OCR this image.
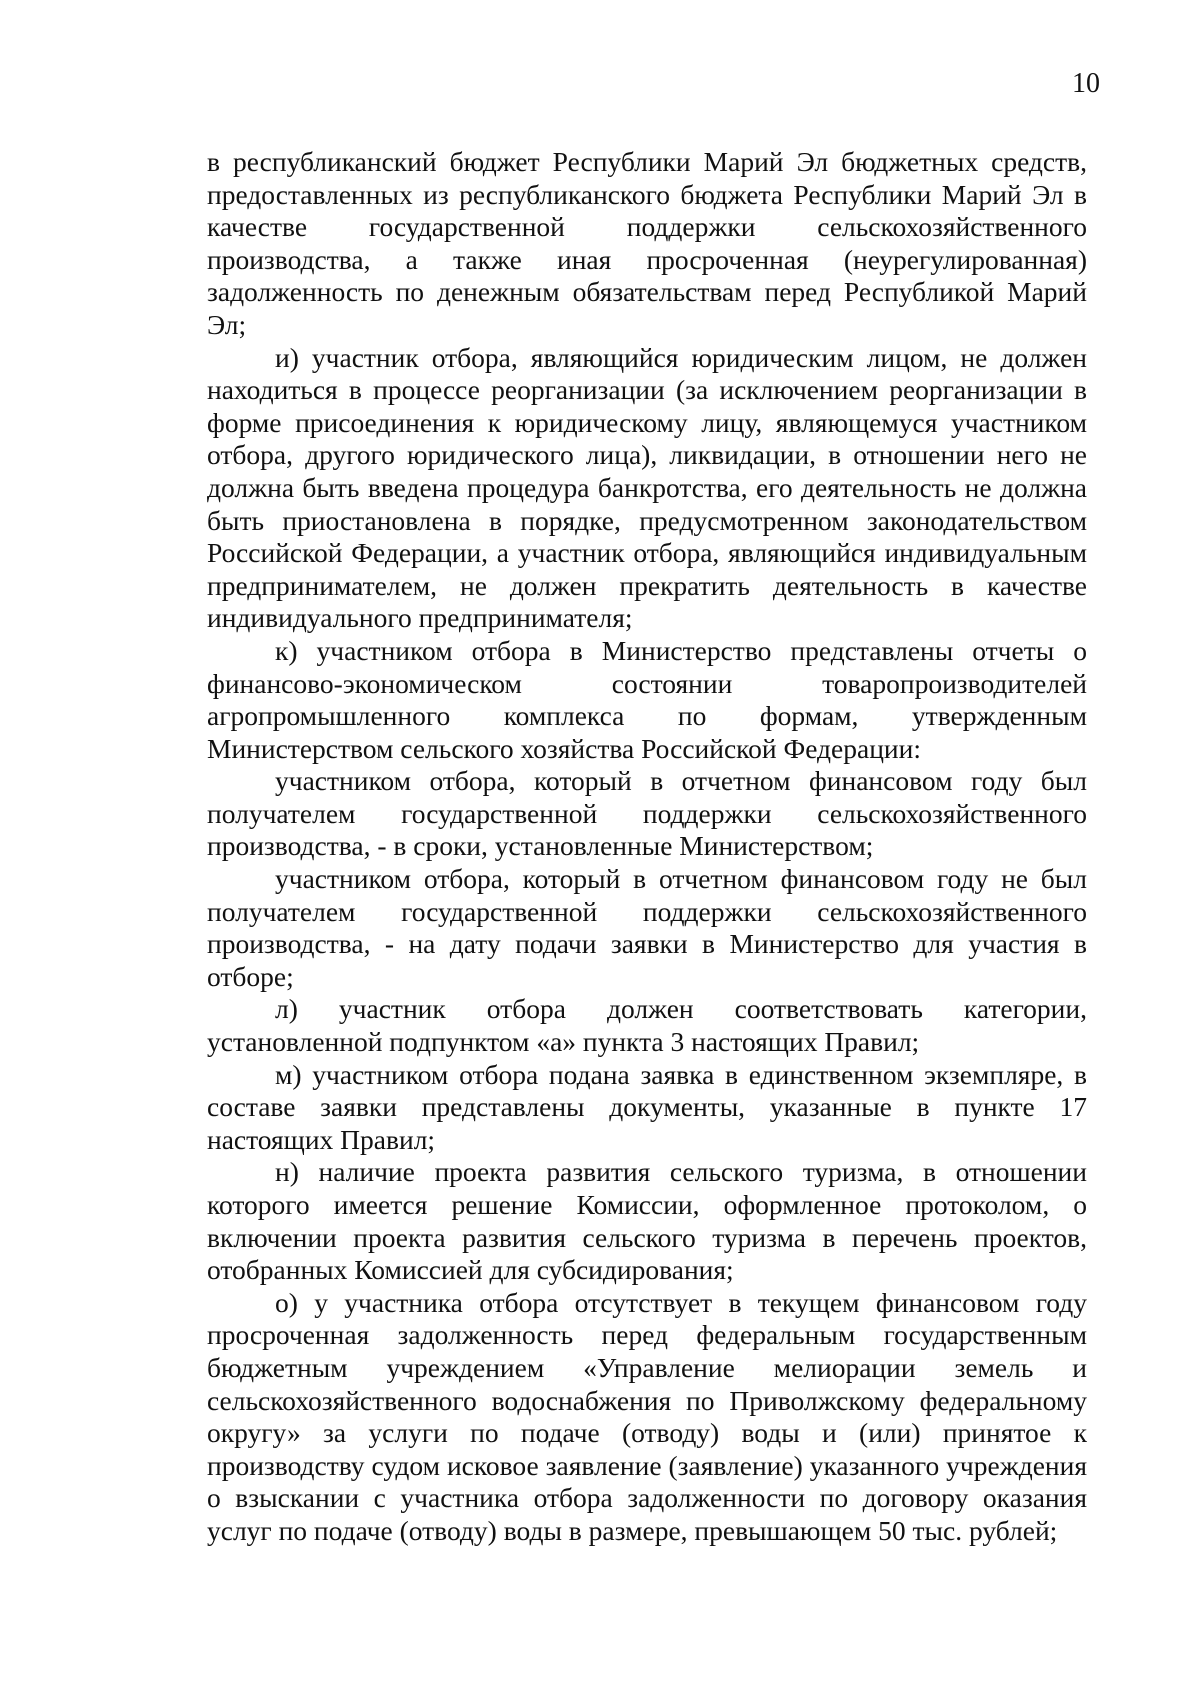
10

в республиканский бюджет Республики Марий Эл бюджетных средств, предоставленных из республиканского бюджета Республики Марий Эл в качестве государственной поддержки сельскохозяйственного производства, а также иная просроченная (неурегулированная) задолженность по денежным обязательствам перед Республикой Марий Эл;

и) участник отбора, являющийся юридическим лицом, не должен находиться в процессе реорганизации (за исключением реорганизации в форме присоединения к юридическому лицу, являющемуся участником отбора, другого юридического лица), ликвидации, в отношении него не должна быть введена процедура банкротства, его деятельность не должна быть приостановлена в порядке, предусмотренном законодательством Российской Федерации, а участник отбора, являющийся индивидуальным предпринимателем, не должен прекратить деятельность в качестве индивидуального предпринимателя;

к) участником отбора в Министерство представлены отчеты о финансово-экономическом состоянии товаропроизводителей агропромышленного комплекса по формам, утвержденным Министерством сельского хозяйства Российской Федерации:

участником отбора, который в отчетном финансовом году был получателем государственной поддержки сельскохозяйственного производства, - в сроки, установленные Министерством;

участником отбора, который в отчетном финансовом году не был получателем государственной поддержки сельскохозяйственного производства, - на дату подачи заявки в Министерство для участия в отборе;

л) участник отбора должен соответствовать категории, установленной подпунктом «а» пункта 3 настоящих Правил;

м) участником отбора подана заявка в единственном экземпляре, в составе заявки представлены документы, указанные в пункте 17 настоящих Правил;

н) наличие проекта развития сельского туризма, в отношении которого имеется решение Комиссии, оформленное протоколом, о включении проекта развития сельского туризма в перечень проектов, отобранных Комиссией для субсидирования;

о) у участника отбора отсутствует в текущем финансовом году просроченная задолженность перед федеральным государственным бюджетным учреждением «Управление мелиорации земель и сельскохозяйственного водоснабжения по Приволжскому федеральному округу» за услуги по подаче (отводу) воды и (или) принятое к производству судом исковое заявление (заявление) указанного учреждения о взыскании с участника отбора задолженности по договору оказания услуг по подаче (отводу) воды в размере, превышающем 50 тыс. рублей;
